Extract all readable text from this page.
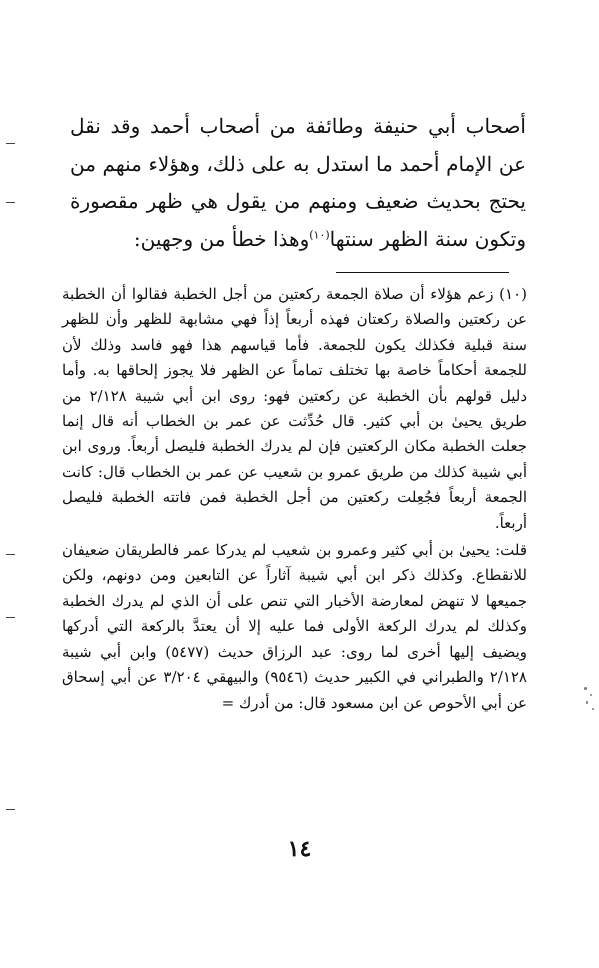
أصحاب أبي حنيفة وطائفة من أصحاب أحمد وقد نقل عن الإمام أحمد ما استدل به على ذلك، وهؤلاء منهم من يحتج بحديث ضعيف ومنهم من يقول هي ظهر مقصورة وتكون سنة الظهر سنتها$^{(١٠)}$وهذا خطأ من وجهين:

(١٠) زعم هؤلاء أن صلاة الجمعة ركعتين من أجل الخطبة فقالوا أن الخطبة عن ركعتين والصلاة ركعتان فهذه أربعاً إذاً فهي مشابهة للظهر وأن للظهر سنة قبلية فكذلك يكون للجمعة. فأما قياسهم هذا فهو فاسد وذلك لأن للجمعة أحكاماً خاصة بها تختلف تماماً عن الظهر فلا يجوز إلحاقها به. وأما دليل قولهم بأن الخطبة عن ركعتين فهو: روى ابن أبي شيبة ٢/١٢٨ من طريق يحيىٰ بن أبي كثير. قال حُدِّثت عن عمر بن الخطاب أنه قال إنما جعلت الخطبة مكان الركعتين فإن لم يدرك الخطبة فليصل أربعاً. وروى ابن أبي شيبة كذلك من طريق عمرو بن شعيب عن عمر بن الخطاب قال: كانت الجمعة أربعاً فجُعِلت ركعتين من أجل الخطبة فمن فاتته الخطبة فليصل أربعاً.

قلت: يحيىٰ بن أبي كثير وعمرو بن شعيب لم يدركا عمر فالطريقان ضعيفان للانقطاع. وكذلك ذكر ابن أبي شيبة آثاراً عن التابعين ومن دونهم، ولكن جميعها لا تنهض لمعارضة الأخبار التي تنص على أن الذي لم يدرك الخطبة وكذلك لم يدرك الركعة الأولى فما عليه إلا أن يعتدَّ بالركعة التي أدركها ويضيف إليها أخرى لما روى: عبد الرزاق حديث (٥٤٧٧) وابن أبي شيبة ٢/١٢٨ والطبراني في الكبير حديث (٩٥٤٦) والبيهقي ٣/٢٠٤ عن أبي إسحاق عن أبي الأحوص عن ابن مسعود قال: من أدرك =

١٤
